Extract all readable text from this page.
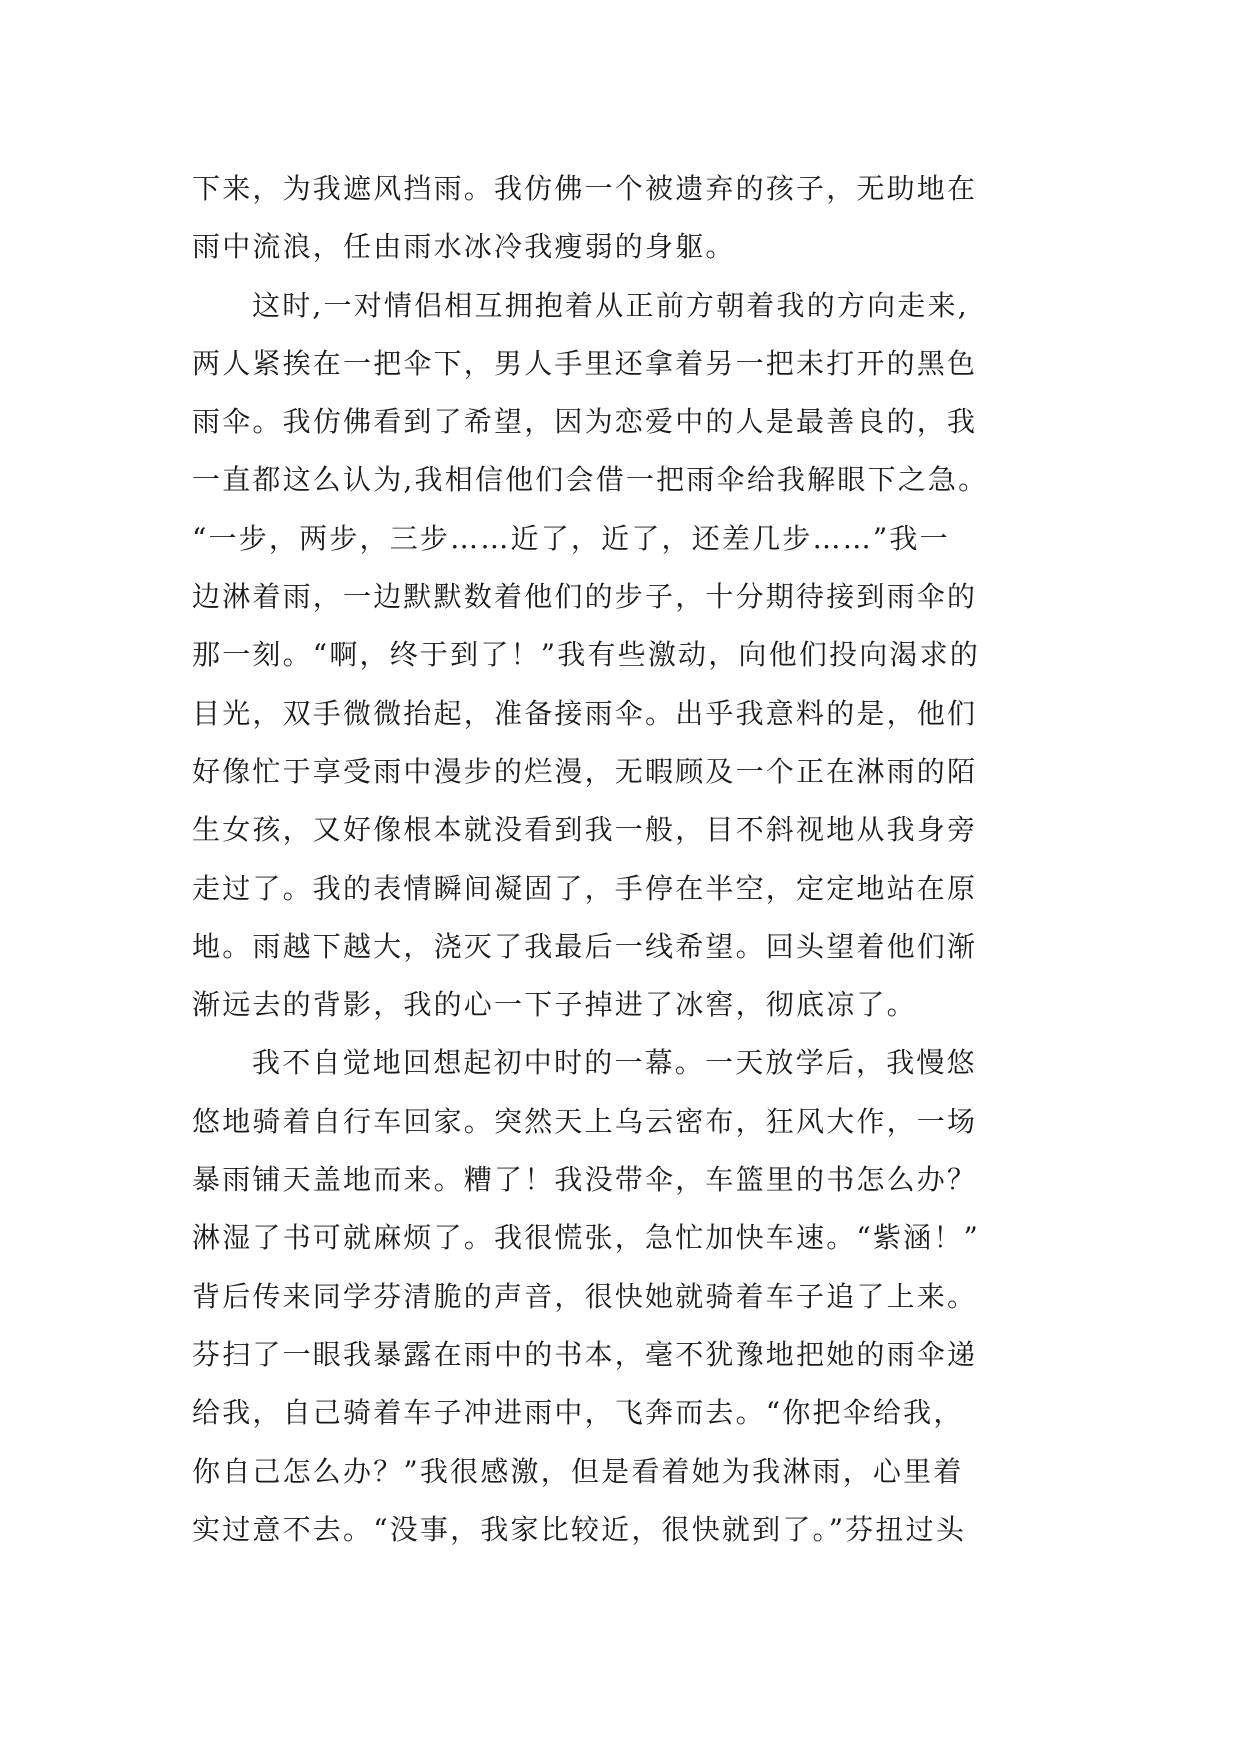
下来，为我遮风挡雨。我仿佛一个被遗弃的孩子，无助地在
雨中流浪，任由雨水冰冷我瘦弱的身躯。
这时,一对情侣相互拥抱着从正前方朝着我的方向走来,
两人紧挨在一把伞下，男人手里还拿着另一把未打开的黑色
雨伞。我仿佛看到了希望，因为恋爱中的人是最善良的，我
一直都这么认为,我相信他们会借一把雨伞给我解眼下之急。
“一步，两步，三步……近了，近了，还差几步……”我一
边淋着雨，一边默默数着他们的步子，十分期待接到雨伞的
那一刻。“啊，终于到了！”我有些激动，向他们投向渴求的
目光，双手微微抬起，准备接雨伞。出乎我意料的是，他们
好像忙于享受雨中漫步的烂漫，无暇顾及一个正在淋雨的陌
生女孩，又好像根本就没看到我一般，目不斜视地从我身旁
走过了。我的表情瞬间凝固了，手停在半空，定定地站在原
地。雨越下越大，浇灭了我最后一线希望。回头望着他们渐
渐远去的背影，我的心一下子掉进了冰窖，彻底凉了。
我不自觉地回想起初中时的一幕。一天放学后，我慢悠
悠地骑着自行车回家。突然天上乌云密布，狂风大作，一场
暴雨铺天盖地而来。糟了！我没带伞，车篮里的书怎么办？
淋湿了书可就麻烦了。我很慌张，急忙加快车速。“紫涵！”
背后传来同学芬清脆的声音，很快她就骑着车子追了上来。
芬扫了一眼我暴露在雨中的书本，毫不犹豫地把她的雨伞递
给我，自己骑着车子冲进雨中，飞奔而去。“你把伞给我，
你自己怎么办？”我很感激，但是看着她为我淋雨，心里着
实过意不去。“没事，我家比较近，很快就到了。”芬扭过头
